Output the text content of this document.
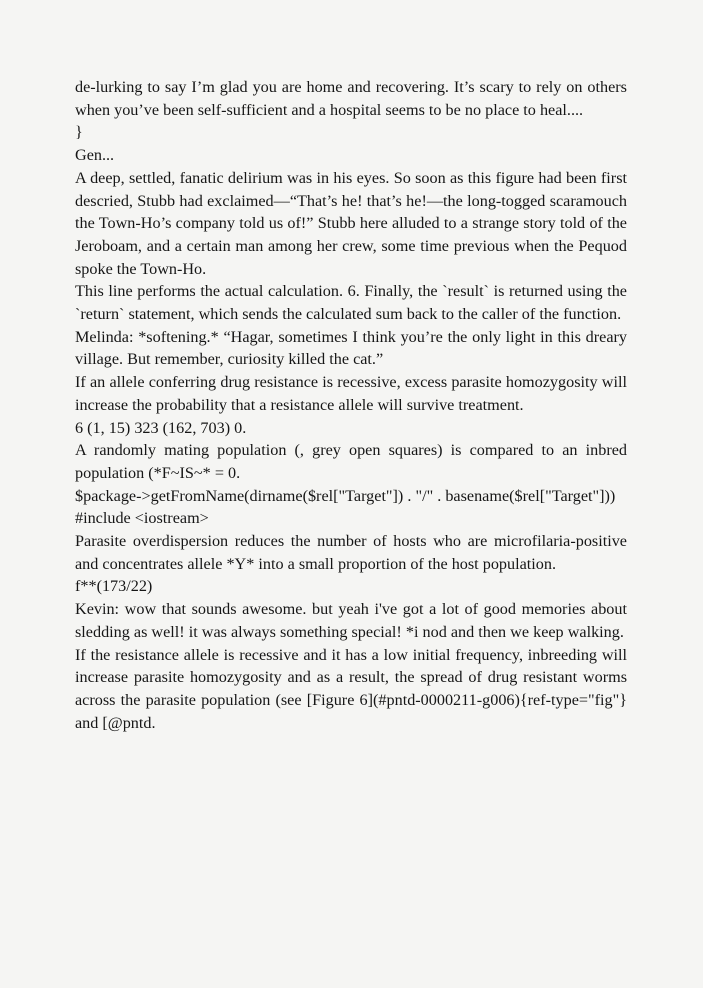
de-lurking to say I’m glad you are home and recovering. It’s scary to rely on others when you’ve been self-sufficient and a hospital seems to be no place to heal....

}

Gen...

A deep, settled, fanatic delirium was in his eyes. So soon as this figure had been first descried, Stubb had exclaimed—“That’s he! that’s he!—the long-togged scaramouch the Town-Ho’s company told us of!” Stubb here alluded to a strange story told of the Jeroboam, and a certain man among her crew, some time previous when the Pequod spoke the Town-Ho.

This line performs the actual calculation. 6. Finally, the `result` is returned using the `return` statement, which sends the calculated sum back to the caller of the function.

Melinda: *softening.* “Hagar, sometimes I think you’re the only light in this dreary village. But remember, curiosity killed the cat.”

If an allele conferring drug resistance is recessive, excess parasite homozygosity will increase the probability that a resistance allele will survive treatment.

6 (1, 15) 323 (162, 703) 0.

A randomly mating population (, grey open squares) is compared to an inbred population (*F~IS~* = 0.

$package->getFromName(dirname($rel["Target"]) . "/" . basename($rel["Target"]))

#include <iostream>

Parasite overdispersion reduces the number of hosts who are microfilaria-positive and concentrates allele *Y* into a small proportion of the host population.

f**(173/22)

Kevin: wow that sounds awesome. but yeah i've got a lot of good memories about sledding as well! it was always something special! *i nod and then we keep walking.

If the resistance allele is recessive and it has a low initial frequency, inbreeding will increase parasite homozygosity and as a result, the spread of drug resistant worms across the parasite population (see [Figure 6](#pntd-0000211-g006){ref-type="fig"} and [@pntd.
